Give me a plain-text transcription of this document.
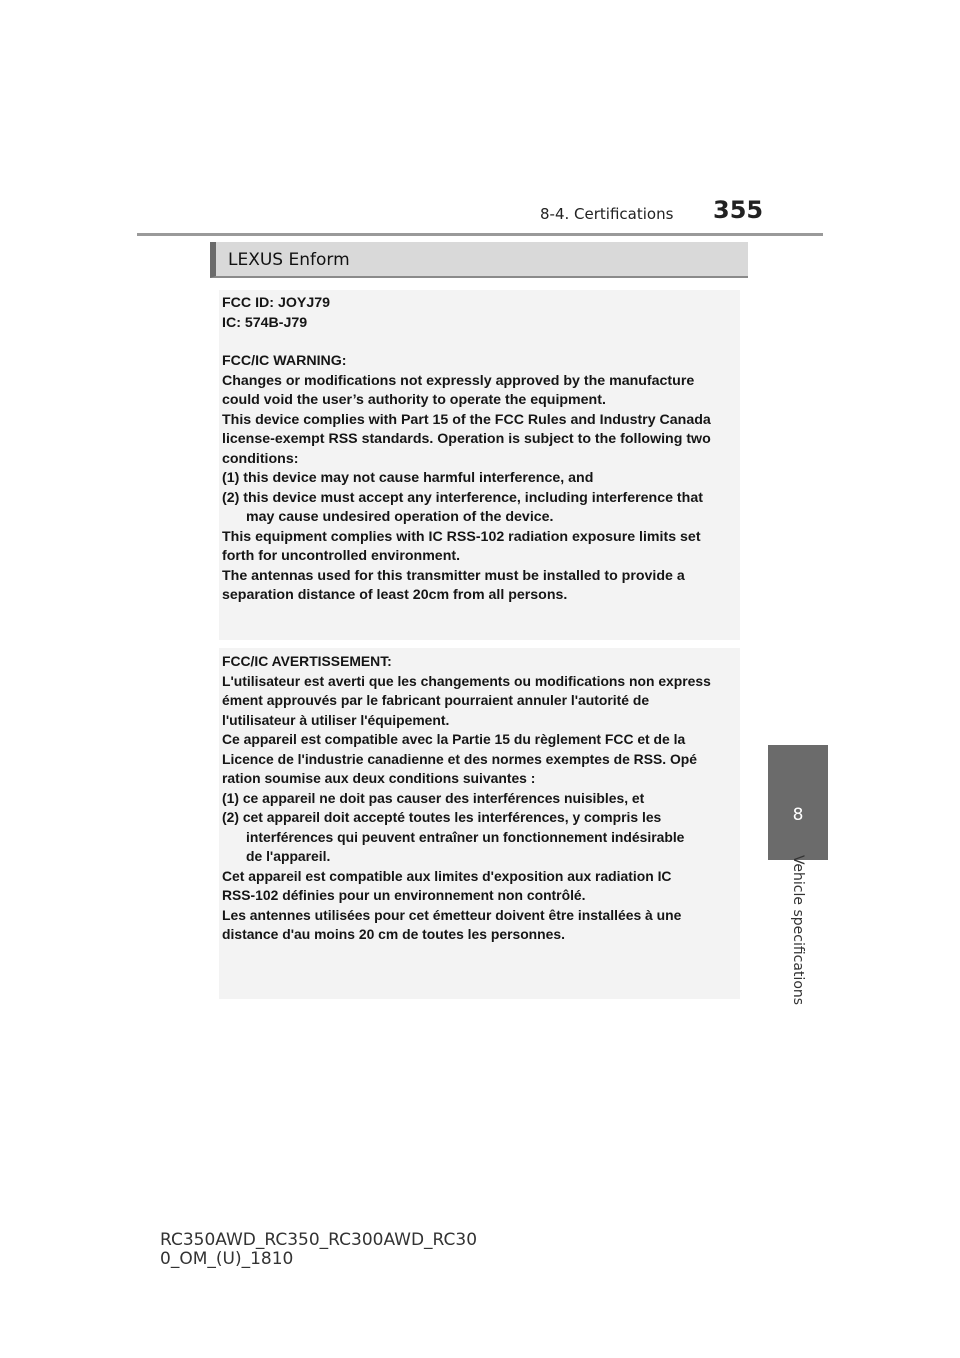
8-4. Certifications 355
LEXUS Enform
FCC ID: JOYJ79
IC: 574B-J79
FCC/IC WARNING:
Changes or modifications not expressly approved by the manufacture
could void the user’s authority to operate the equipment.
This device complies with Part 15 of the FCC Rules and Industry Canada
license-exempt RSS standards. Operation is subject to the following two
conditions:
(1) this device may not cause harmful interference, and
(2) this device must accept any interference, including interference that
may cause undesired operation of the device.
This equipment complies with IC RSS-102 radiation exposure limits set
forth for uncontrolled environment.
The antennas used for this transmitter must be installed to provide a
separation distance of least 20cm from all persons.
FCC/IC AVERTISSEMENT:
L'utilisateur est averti que les changements ou modifications non express
ément approuvés par le fabricant pourraient annuler l'autorité de
l'utilisateur à utiliser l'équipement.
Ce appareil est compatible avec la Partie 15 du règlement FCC et de la
Licence de l'industrie canadienne et des normes exemptes de RSS. Opé
ration soumise aux deux conditions suivantes :
(1) ce appareil ne doit pas causer des interférences nuisibles, et
(2) cet appareil doit accepté toutes les interférences, y compris les
interférences qui peuvent entraîner un fonctionnement indésirable
de l'appareil.
Cet appareil est compatible aux limites d'exposition aux radiation IC
RSS-102 définies pour un environnement non contrôlé.
Les antennes utilisées pour cet émetteur doivent être installées à une
distance d'au moins 20 cm de toutes les personnes.
8
Vehicle specifications
RC350AWD_RC350_RC300AWD_RC30
0_OM_(U)_1810
